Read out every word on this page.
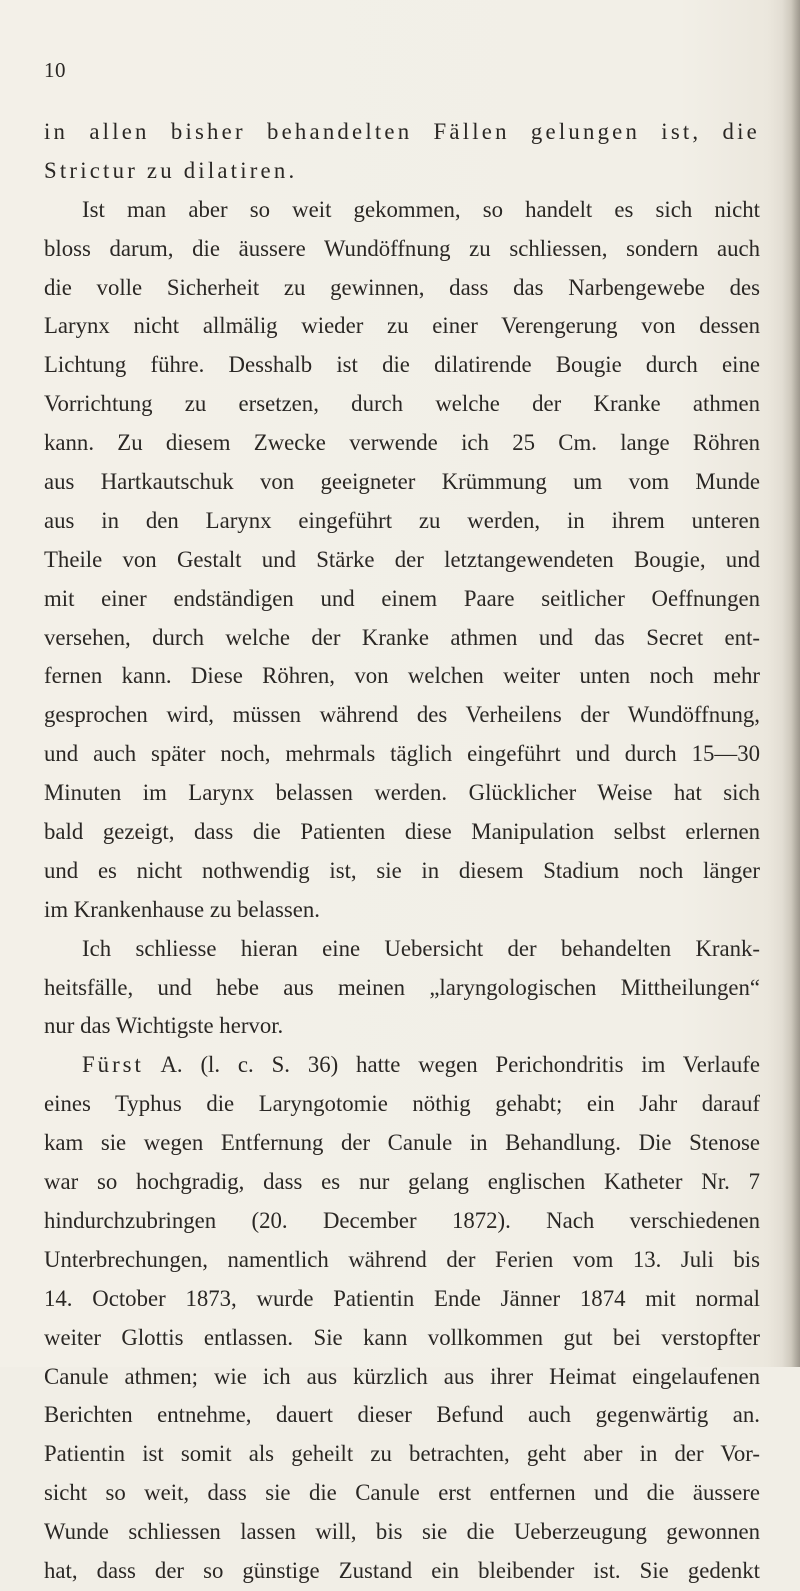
10
in allen bisher behandelten Fällen gelungen ist, die
Strictur zu dilatiren.
Ist man aber so weit gekommen, so handelt es sich nicht
bloss darum, die äussere Wundöffnung zu schliessen, sondern auch
die volle Sicherheit zu gewinnen, dass das Narbengewebe des
Larynx nicht allmälig wieder zu einer Verengerung von dessen
Lichtung führe. Desshalb ist die dilatirende Bougie durch eine
Vorrichtung zu ersetzen, durch welche der Kranke athmen
kann. Zu diesem Zwecke verwende ich 25 Cm. lange Röhren
aus Hartkautschuk von geeigneter Krümmung um vom Munde
aus in den Larynx eingeführt zu werden, in ihrem unteren
Theile von Gestalt und Stärke der letztangewendeten Bougie, und
mit einer endständigen und einem Paare seitlicher Oeffnungen
versehen, durch welche der Kranke athmen und das Secret ent-
fernen kann. Diese Röhren, von welchen weiter unten noch mehr
gesprochen wird, müssen während des Verheilens der Wundöffnung,
und auch später noch, mehrmals täglich eingeführt und durch 15—30
Minuten im Larynx belassen werden. Glücklicher Weise hat sich
bald gezeigt, dass die Patienten diese Manipulation selbst erlernen
und es nicht nothwendig ist, sie in diesem Stadium noch länger
im Krankenhause zu belassen.
Ich schliesse hieran eine Uebersicht der behandelten Krank-
heitsfälle, und hebe aus meinen „laryngologischen Mittheilungen“
nur das Wichtigste hervor.
Fürst A. (l. c. S. 36) hatte wegen Perichondritis im Verlaufe
eines Typhus die Laryngotomie nöthig gehabt; ein Jahr darauf
kam sie wegen Entfernung der Canule in Behandlung. Die Stenose
war so hochgradig, dass es nur gelang englischen Katheter Nr. 7
hindurchzubringen (20. December 1872). Nach verschiedenen
Unterbrechungen, namentlich während der Ferien vom 13. Juli bis
14. October 1873, wurde Patientin Ende Jänner 1874 mit normal
weiter Glottis entlassen. Sie kann vollkommen gut bei verstopfter
Canule athmen; wie ich aus kürzlich aus ihrer Heimat eingelaufenen
Berichten entnehme, dauert dieser Befund auch gegenwärtig an.
Patientin ist somit als geheilt zu betrachten, geht aber in der Vor-
sicht so weit, dass sie die Canule erst entfernen und die äussere
Wunde schliessen lassen will, bis sie die Ueberzeugung gewonnen
hat, dass der so günstige Zustand ein bleibender ist. Sie gedenkt
